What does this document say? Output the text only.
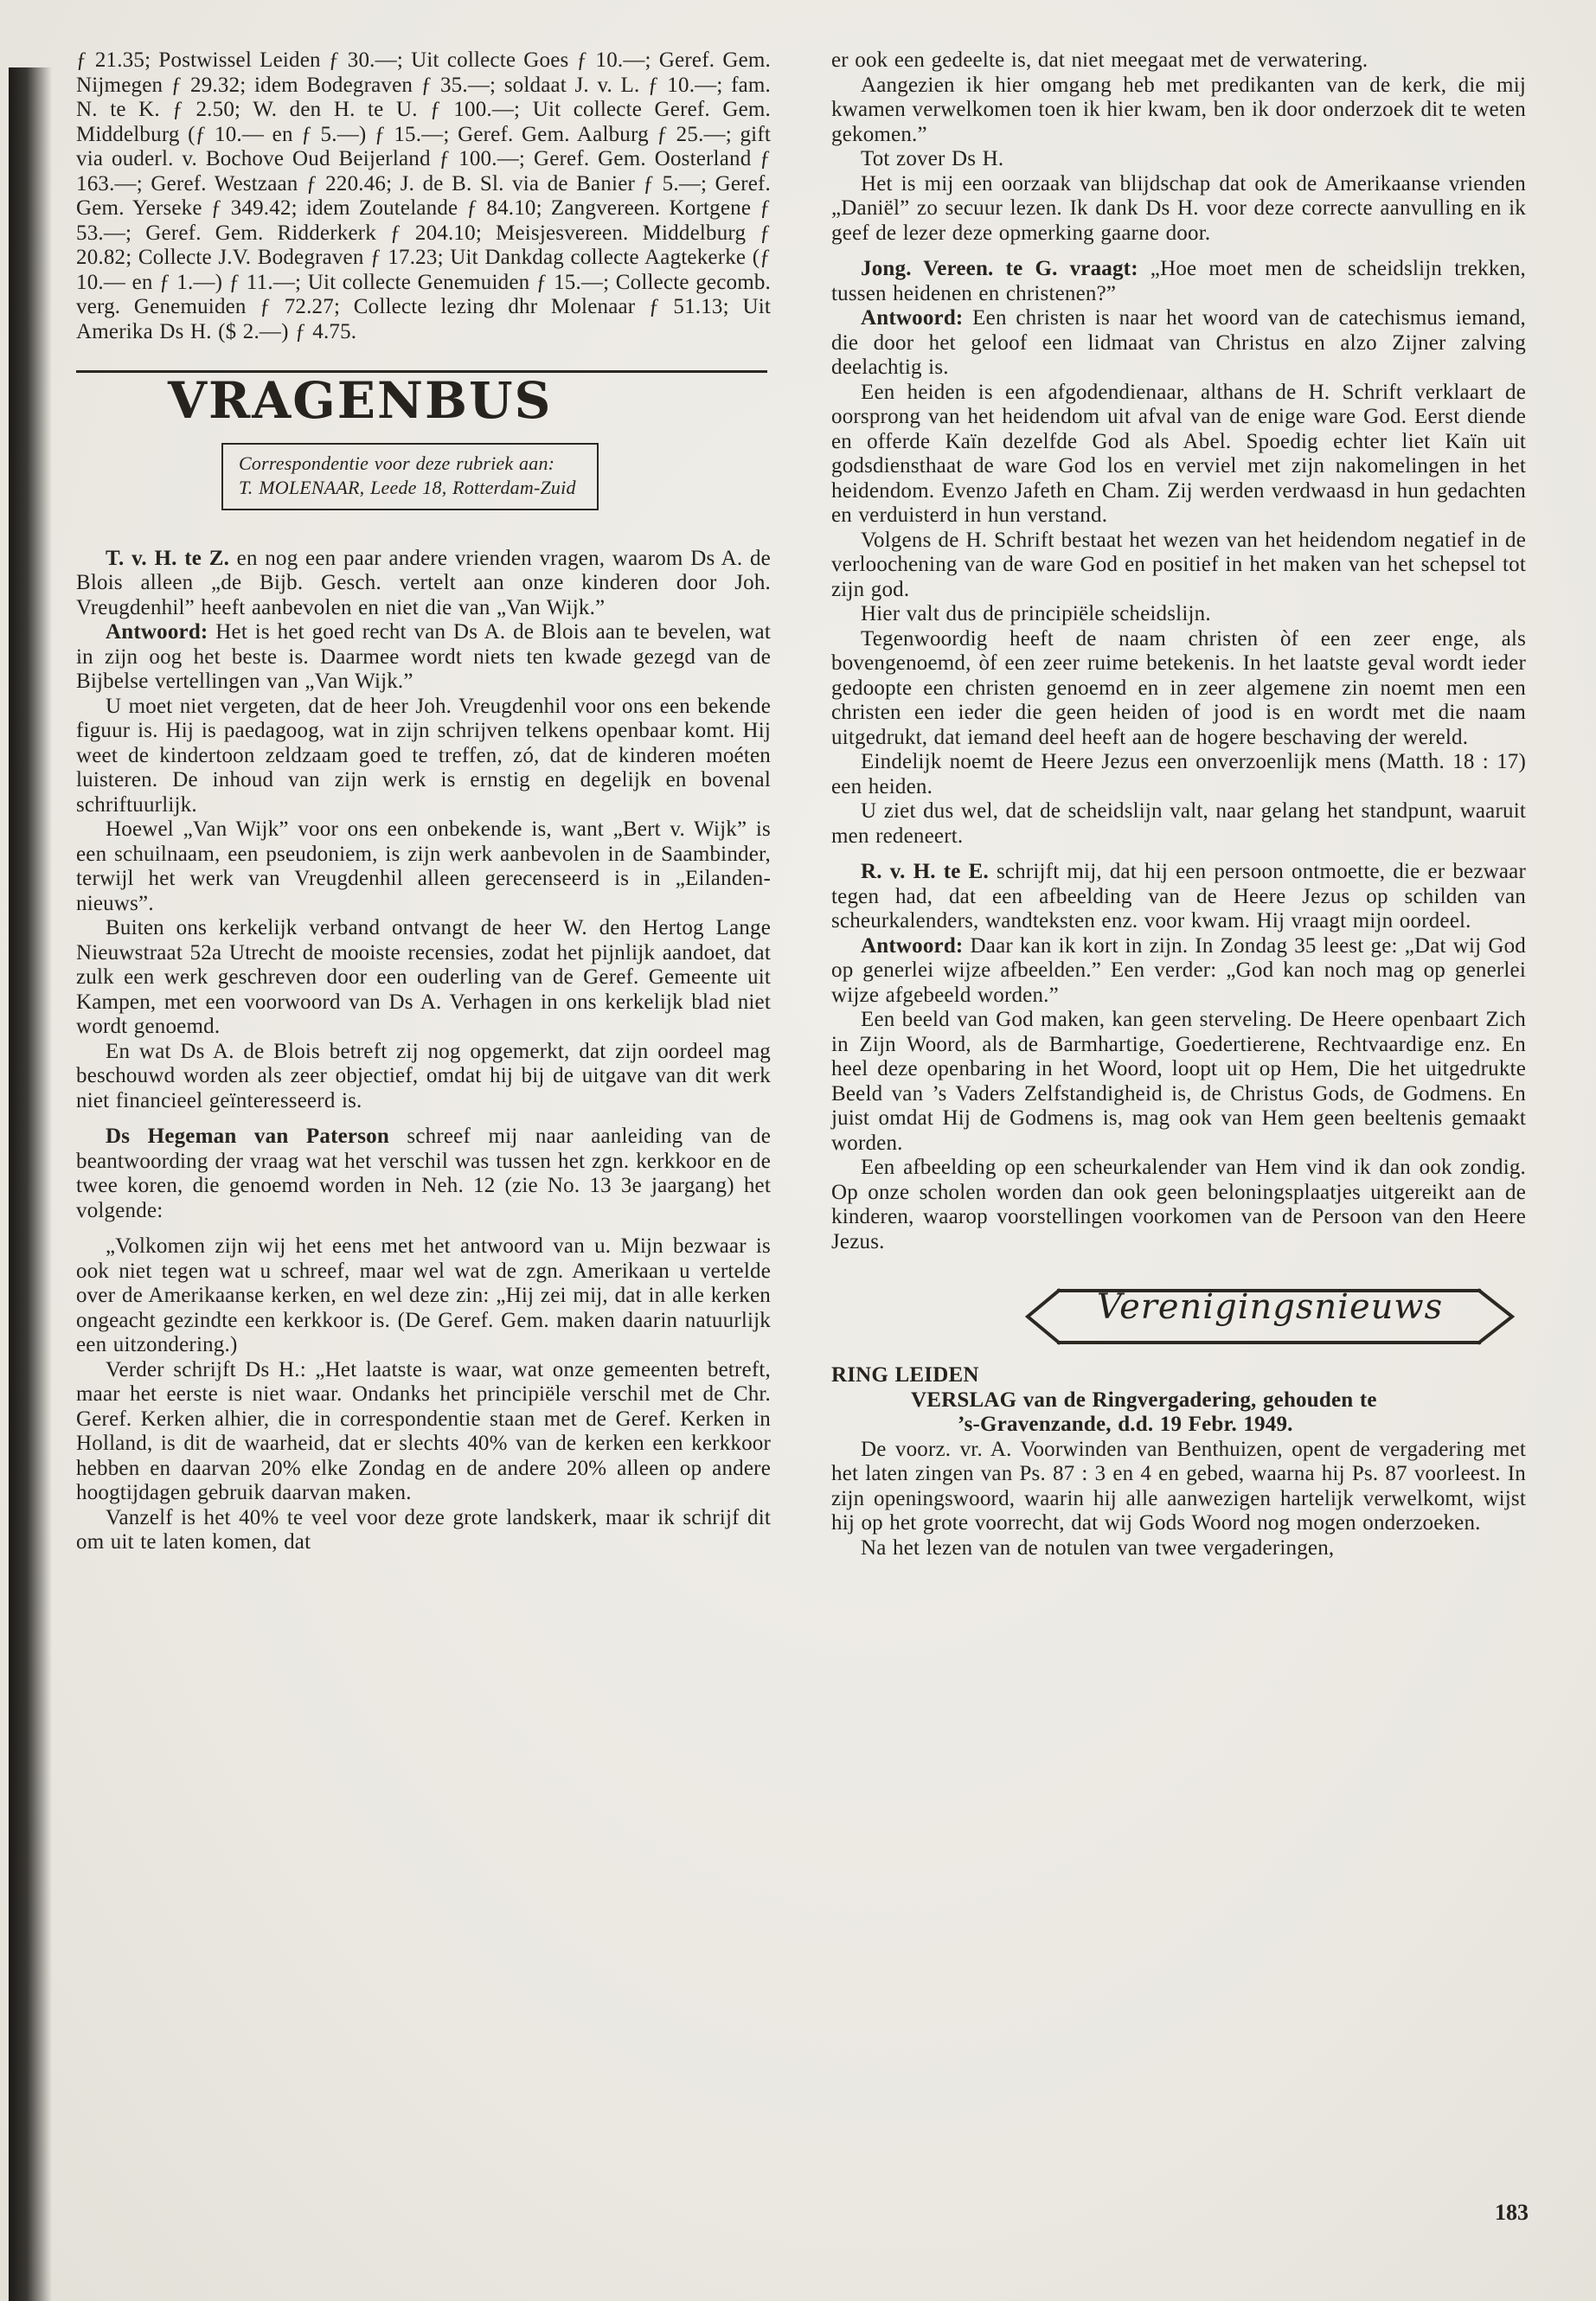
ƒ 21.35; Postwissel Leiden ƒ 30.—; Uit collecte Goes ƒ 10.—; Geref. Gem. Nijmegen ƒ 29.32; idem Bodegraven ƒ 35.—; soldaat J. v. L. ƒ 10.—; fam. N. te K. ƒ 2.50; W. den H. te U. ƒ 100.—; Uit collecte Geref. Gem. Middelburg (ƒ 10.— en ƒ 5.—) ƒ 15.—; Geref. Gem. Aalburg ƒ 25.—; gift via ouderl. v. Bochove Oud Beijerland ƒ 100.—; Geref. Gem. Oosterland ƒ 163.—; Geref. Westzaan ƒ 220.46; J. de B. Sl. via de Banier ƒ 5.—; Geref. Gem. Yerseke ƒ 349.42; idem Zoutelande ƒ 84.10; Zangvereen. Kortgene ƒ 53.—; Geref. Gem. Ridderkerk ƒ 204.10; Meisjesvereen. Middelburg ƒ 20.82; Collecte J.V. Bodegraven ƒ 17.23; Uit Dankdag collecte Aagtekerke (ƒ 10.— en ƒ 1.—) ƒ 11.—; Uit collecte Genemuiden ƒ 15.—; Collecte gecomb. verg. Genemuiden ƒ 72.27; Collecte lezing dhr Molenaar ƒ 51.13; Uit Amerika Ds H. ($ 2.—) ƒ 4.75.

VRAGENBUS
Correspondentie voor deze rubriek aan:
T. MOLENAAR, Leede 18, Rotterdam-Zuid

T. v. H. te Z. en nog een paar andere vrienden vragen, waarom Ds A. de Blois alleen „de Bijb. Gesch. vertelt aan onze kinderen door Joh. Vreugdenhil” heeft aanbevolen en niet die van „Van Wijk.”

Antwoord: Het is het goed recht van Ds A. de Blois aan te bevelen, wat in zijn oog het beste is. Daarmee wordt niets ten kwade gezegd van de Bijbelse vertellingen van „Van Wijk.”

U moet niet vergeten, dat de heer Joh. Vreugdenhil voor ons een bekende figuur is. Hij is paedagoog, wat in zijn schrijven telkens openbaar komt. Hij weet de kindertoon zeldzaam goed te treffen, zó, dat de kinderen moéten luisteren. De inhoud van zijn werk is ernstig en degelijk en bovenal schriftuurlijk.

Hoewel „Van Wijk” voor ons een onbekende is, want „Bert v. Wijk” is een schuilnaam, een pseudoniem, is zijn werk aanbevolen in de Saambinder, terwijl het werk van Vreugdenhil alleen gerecenseerd is in „Eilanden-nieuws”.

Buiten ons kerkelijk verband ontvangt de heer W. den Hertog Lange Nieuwstraat 52a Utrecht de mooiste recensies, zodat het pijnlijk aandoet, dat zulk een werk geschreven door een ouderling van de Geref. Gemeente uit Kampen, met een voorwoord van Ds A. Verhagen in ons kerkelijk blad niet wordt genoemd.

En wat Ds A. de Blois betreft zij nog opgemerkt, dat zijn oordeel mag beschouwd worden als zeer objectief, omdat hij bij de uitgave van dit werk niet financieel geïnteresseerd is.

Ds Hegeman van Paterson schreef mij naar aanleiding van de beantwoording der vraag wat het verschil was tussen het zgn. kerkkoor en de twee koren, die genoemd worden in Neh. 12 (zie No. 13 3e jaargang) het volgende:

„Volkomen zijn wij het eens met het antwoord van u. Mijn bezwaar is ook niet tegen wat u schreef, maar wel wat de zgn. Amerikaan u vertelde over de Amerikaanse kerken, en wel deze zin: „Hij zei mij, dat in alle kerken ongeacht gezindte een kerkkoor is. (De Geref. Gem. maken daarin natuurlijk een uitzondering.)

Verder schrijft Ds H.: „Het laatste is waar, wat onze gemeenten betreft, maar het eerste is niet waar. Ondanks het principiële verschil met de Chr. Geref. Kerken alhier, die in correspondentie staan met de Geref. Kerken in Holland, is dit de waarheid, dat er slechts 40% van de kerken een kerkkoor hebben en daarvan 20% elke Zondag en de andere 20% alleen op andere hoogtijdagen gebruik daarvan maken.

Vanzelf is het 40% te veel voor deze grote landskerk, maar ik schrijf dit om uit te laten komen, dat

er ook een gedeelte is, dat niet meegaat met de verwatering.

Aangezien ik hier omgang heb met predikanten van de kerk, die mij kwamen verwelkomen toen ik hier kwam, ben ik door onderzoek dit te weten gekomen.”

Tot zover Ds H.

Het is mij een oorzaak van blijdschap dat ook de Amerikaanse vrienden „Daniël” zo secuur lezen. Ik dank Ds H. voor deze correcte aanvulling en ik geef de lezer deze opmerking gaarne door.

Jong. Vereen. te G. vraagt: „Hoe moet men de scheidslijn trekken, tussen heidenen en christenen?”

Antwoord: Een christen is naar het woord van de catechismus iemand, die door het geloof een lidmaat van Christus en alzo Zijner zalving deelachtig is.

Een heiden is een afgodendienaar, althans de H. Schrift verklaart de oorsprong van het heidendom uit afval van de enige ware God. Eerst diende en offerde Kaïn dezelfde God als Abel. Spoedig echter liet Kaïn uit godsdiensthaat de ware God los en verviel met zijn nakomelingen in het heidendom. Evenzo Jafeth en Cham. Zij werden verdwaasd in hun gedachten en verduisterd in hun verstand.

Volgens de H. Schrift bestaat het wezen van het heidendom negatief in de verloochening van de ware God en positief in het maken van het schepsel tot zijn god.

Hier valt dus de principiële scheidslijn.

Tegenwoordig heeft de naam christen òf een zeer enge, als bovengenoemd, òf een zeer ruime betekenis. In het laatste geval wordt ieder gedoopte een christen genoemd en in zeer algemene zin noemt men een christen een ieder die geen heiden of jood is en wordt met die naam uitgedrukt, dat iemand deel heeft aan de hogere beschaving der wereld.

Eindelijk noemt de Heere Jezus een onverzoenlijk mens (Matth. 18 : 17) een heiden.

U ziet dus wel, dat de scheidslijn valt, naar gelang het standpunt, waaruit men redeneert.

R. v. H. te E. schrijft mij, dat hij een persoon ontmoette, die er bezwaar tegen had, dat een afbeelding van de Heere Jezus op schilden van scheurkalenders, wandteksten enz. voor kwam. Hij vraagt mijn oordeel.

Antwoord: Daar kan ik kort in zijn. In Zondag 35 leest ge: „Dat wij God op generlei wijze afbeelden.” Een verder: „God kan noch mag op generlei wijze afgebeeld worden.”

Een beeld van God maken, kan geen sterveling. De Heere openbaart Zich in Zijn Woord, als de Barmhartige, Goedertierene, Rechtvaardige enz. En heel deze openbaring in het Woord, loopt uit op Hem, Die het uitgedrukte Beeld van ’s Vaders Zelfstandigheid is, de Christus Gods, de Godmens. En juist omdat Hij de Godmens is, mag ook van Hem geen beeltenis gemaakt worden.

Een afbeelding op een scheurkalender van Hem vind ik dan ook zondig. Op onze scholen worden dan ook geen beloningsplaatjes uitgereikt aan de kinderen, waarop voorstellingen voorkomen van de Persoon van den Heere Jezus.

Verenigingsnieuws
RING LEIDEN
VERSLAG van de Ringvergadering, gehouden te
’s-Gravenzande, d.d. 19 Febr. 1949.

De voorz. vr. A. Voorwinden van Benthuizen, opent de vergadering met het laten zingen van Ps. 87 : 3 en 4 en gebed, waarna hij Ps. 87 voorleest. In zijn openingswoord, waarin hij alle aanwezigen hartelijk verwelkomt, wijst hij op het grote voorrecht, dat wij Gods Woord nog mogen onderzoeken.

Na het lezen van de notulen van twee vergaderingen,

183
